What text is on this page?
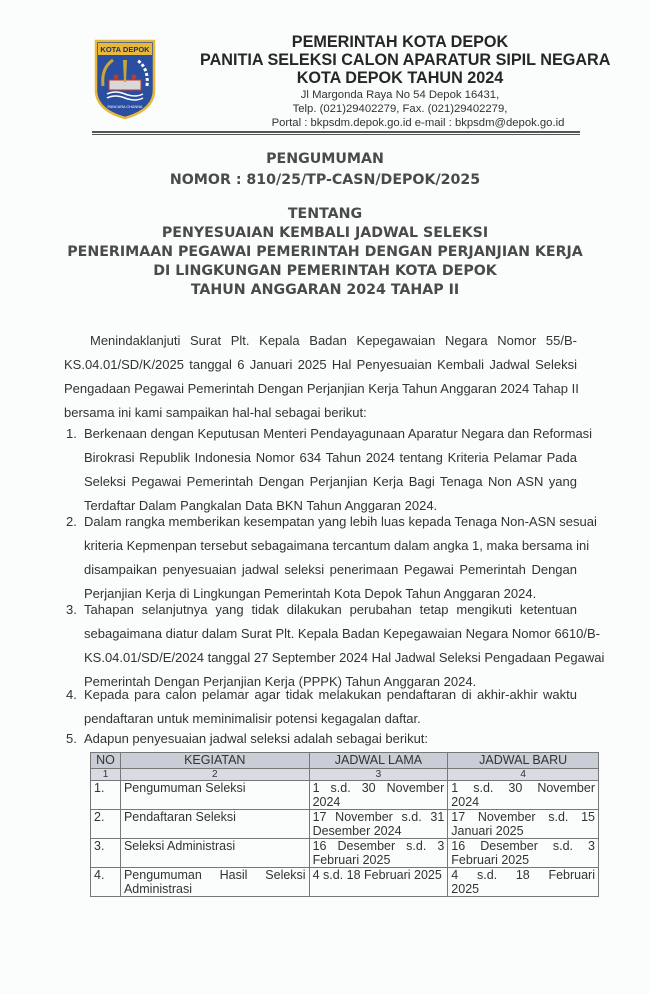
KOTA DEPOK
PANCARA CHANNA
PEMERINTAH KOTA DEPOK
PANITIA SELEKSI CALON APARATUR SIPIL NEGARA
KOTA DEPOK TAHUN 2024
Jl Margonda Raya No 54 Depok 16431,
Telp. (021)29402279, Fax. (021)29402279,
Portal : bkpsdm.depok.go.id e-mail : bkpsdm@depok.go.id
PENGUMUMAN
NOMOR : 810/25/TP-CASN/DEPOK/2025
TENTANG
PENYESUAIAN KEMBALI JADWAL SELEKSI
PENERIMAAN PEGAWAI PEMERINTAH DENGAN PERJANJIAN KERJA
DI LINGKUNGAN PEMERINTAH KOTA DEPOK
TAHUN ANGGARAN 2024 TAHAP II
Menindaklanjuti Surat Plt. Kepala Badan Kepegawaian Negara Nomor 55/B-
KS.04.01/SD/K/2025 tanggal 6 Januari 2025 Hal Penyesuaian Kembali Jadwal Seleksi
Pengadaan Pegawai Pemerintah Dengan Perjanjian Kerja Tahun Anggaran 2024 Tahap II
bersama ini kami sampaikan hal-hal sebagai berikut:
1. Berkenaan dengan Keputusan Menteri Pendayagunaan Aparatur Negara dan Reformasi
Birokrasi Republik Indonesia Nomor 634 Tahun 2024 tentang Kriteria Pelamar Pada
Seleksi Pegawai Pemerintah Dengan Perjanjian Kerja Bagi Tenaga Non ASN yang
Terdaftar Dalam Pangkalan Data BKN Tahun Anggaran 2024.
2. Dalam rangka memberikan kesempatan yang lebih luas kepada Tenaga Non-ASN sesuai
kriteria Kepmenpan tersebut sebagaimana tercantum dalam angka 1, maka bersama ini
disampaikan penyesuaian jadwal seleksi penerimaan Pegawai Pemerintah Dengan
Perjanjian Kerja di Lingkungan Pemerintah Kota Depok Tahun Anggaran 2024.
3. Tahapan selanjutnya yang tidak dilakukan perubahan tetap mengikuti ketentuan
sebagaimana diatur dalam Surat Plt. Kepala Badan Kepegawaian Negara Nomor 6610/B-
KS.04.01/SD/E/2024 tanggal 27 September 2024 Hal Jadwal Seleksi Pengadaan Pegawai
Pemerintah Dengan Perjanjian Kerja (PPPK) Tahun Anggaran 2024.
4. Kepada para calon pelamar agar tidak melakukan pendaftaran di akhir-akhir waktu
pendaftaran untuk meminimalisir potensi kegagalan daftar.
5. Adapun penyesuaian jadwal seleksi adalah sebagai berikut:
NO	KEGIATAN	JADWAL LAMA	JADWAL BARU
1	2	3	4
1.	Pengumuman Seleksi	1 s.d. 30 November
2024	1 s.d. 30 November
2024
2.	Pendaftaran Seleksi	17 November s.d. 31
Desember 2024	17 November s.d. 15
Januari 2025
3.	Seleksi Administrasi	16 Desember s.d. 3
Februari 2025	16 Desember s.d. 3
Februari 2025
4.	Pengumuman Hasil Seleksi
Administrasi	4 s.d. 18 Februari 2025	4 s.d. 18 Februari
2025
